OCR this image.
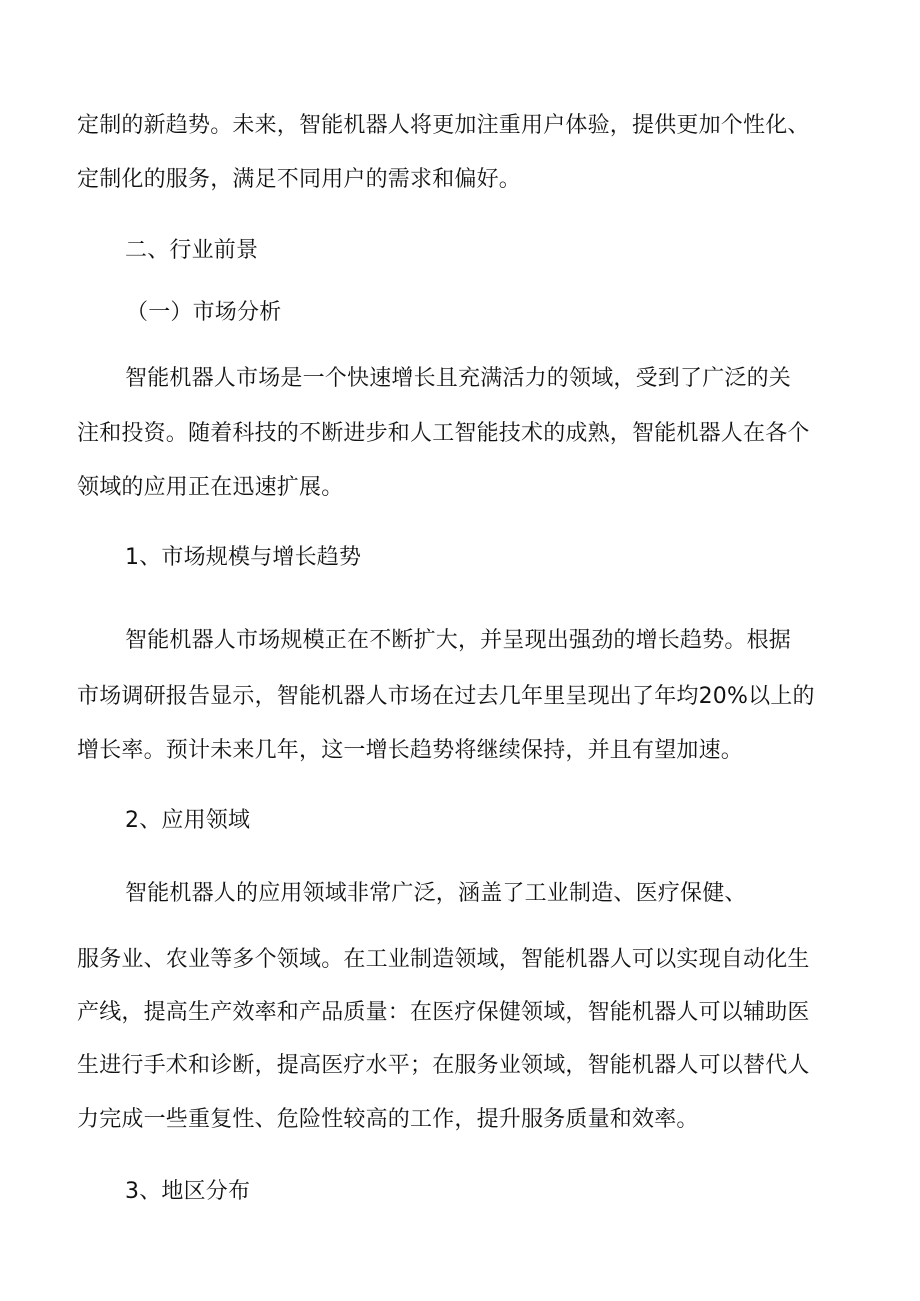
定制的新趋势。未来，智能机器人将更加注重用户体验，提供更加个性化、
定制化的服务，满足不同用户的需求和偏好。
二、行业前景
（一）市场分析
智能机器人市场是一个快速增长且充满活力的领域，受到了广泛的关
注和投资。随着科技的不断进步和人工智能技术的成熟，智能机器人在各个
领域的应用正在迅速扩展。
1、市场规模与增长趋势
智能机器人市场规模正在不断扩大，并呈现出强劲的增长趋势。根据
市场调研报告显示，智能机器人市场在过去几年里呈现出了年均20%以上的
增长率。预计未来几年，这一增长趋势将继续保持，并且有望加速。
2、应用领域
智能机器人的应用领域非常广泛，涵盖了工业制造、医疗保健、
服务业、农业等多个领域。在工业制造领域，智能机器人可以实现自动化生
产线，提高生产效率和产品质量：在医疗保健领域，智能机器人可以辅助医
生进行手术和诊断，提高医疗水平；在服务业领域，智能机器人可以替代人
力完成一些重复性、危险性较高的工作，提升服务质量和效率。
3、地区分布
